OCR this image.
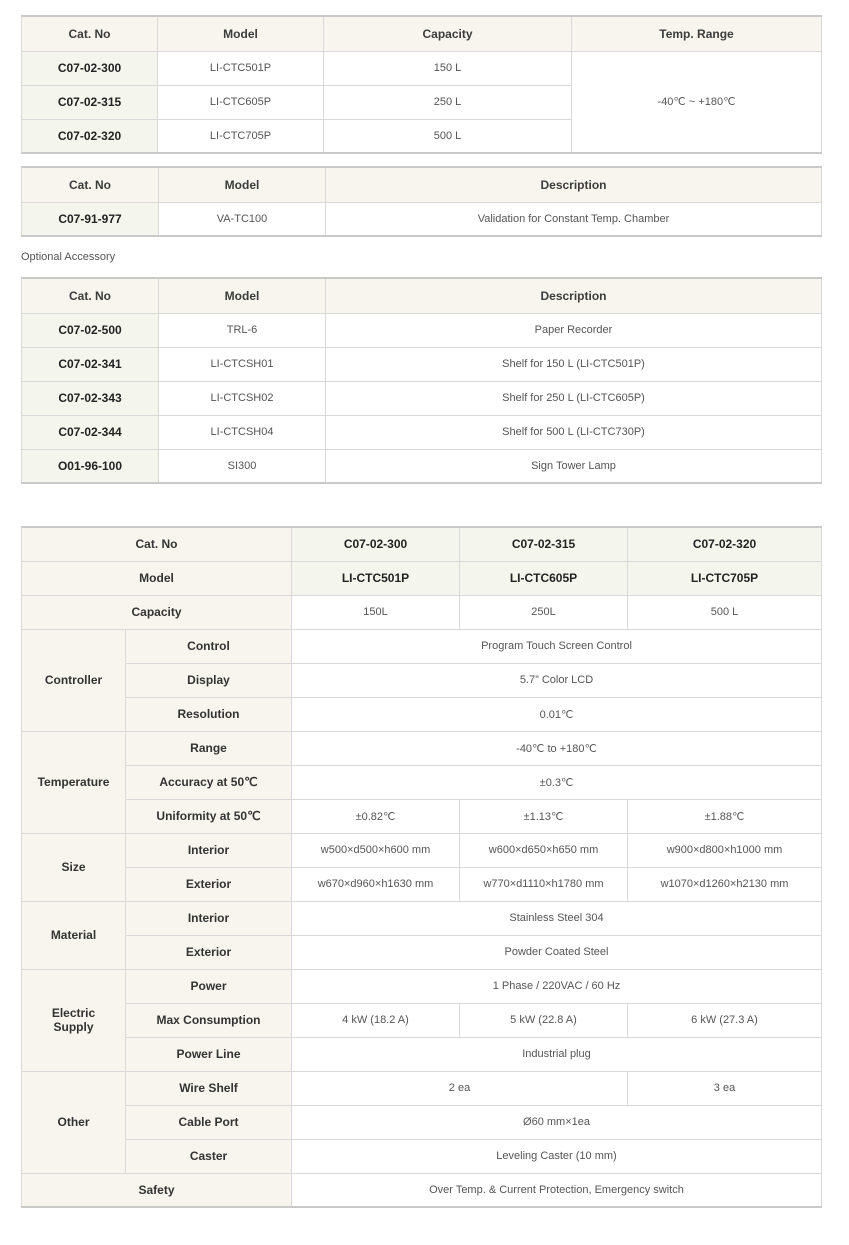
Cat. No	Model	Capacity	Temp. Range
C07-02-300	LI-CTC501P	150 L	-40℃ ~ +180℃
C07-02-315	LI-CTC605P	250 L	
C07-02-320	LI-CTC705P	500 L	
Cat. No	Model	Description
C07-91-977	VA-TC100	Validation for Constant Temp. Chamber
Optional Accessory
Cat. No	Model	Description
C07-02-500	TRL-6	Paper Recorder
C07-02-341	LI-CTCSH01	Shelf for 150 L (LI-CTC501P)
C07-02-343	LI-CTCSH02	Shelf for 250 L (LI-CTC605P)
C07-02-344	LI-CTCSH04	Shelf for 500 L (LI-CTC730P)
O01-96-100	SI300	Sign Tower Lamp
Cat. No		C07-02-300	C07-02-315	C07-02-320
Model		LI-CTC501P	LI-CTC605P	LI-CTC705P
Capacity		150L	250L	500 L
Controller	Control	Program Touch Screen Control		
	Display	5.7” Color LCD		
	Resolution	0.01℃		
Temperature	Range	-40℃ to +180℃		
	Accuracy at 50℃	±0.3℃		
	Uniformity at 50℃	±0.82℃	±1.13℃	±1.88℃
Size	Interior	w500×d500×h600 mm	w600×d650×h650 mm	w900×d800×h1000 mm
	Exterior	w670×d960×h1630 mm	w770×d1110×h1780 mm	w1070×d1260×h2130 mm
Material	Interior	Stainless Steel 304		
	Exterior	Powder Coated Steel		
Electric
Supply	Power	1 Phase / 220VAC / 60 Hz		
	Max Consumption	4 kW (18.2 A)	5 kW (22.8 A)	6 kW (27.3 A)
	Power Line	Industrial plug		
Other	Wire Shelf	2 ea		3 ea
	Cable Port	Ø60 mm×1ea		
	Caster	Leveling Caster (10 mm)		
Safety		Over Temp. & Current Protection, Emergency switch		
